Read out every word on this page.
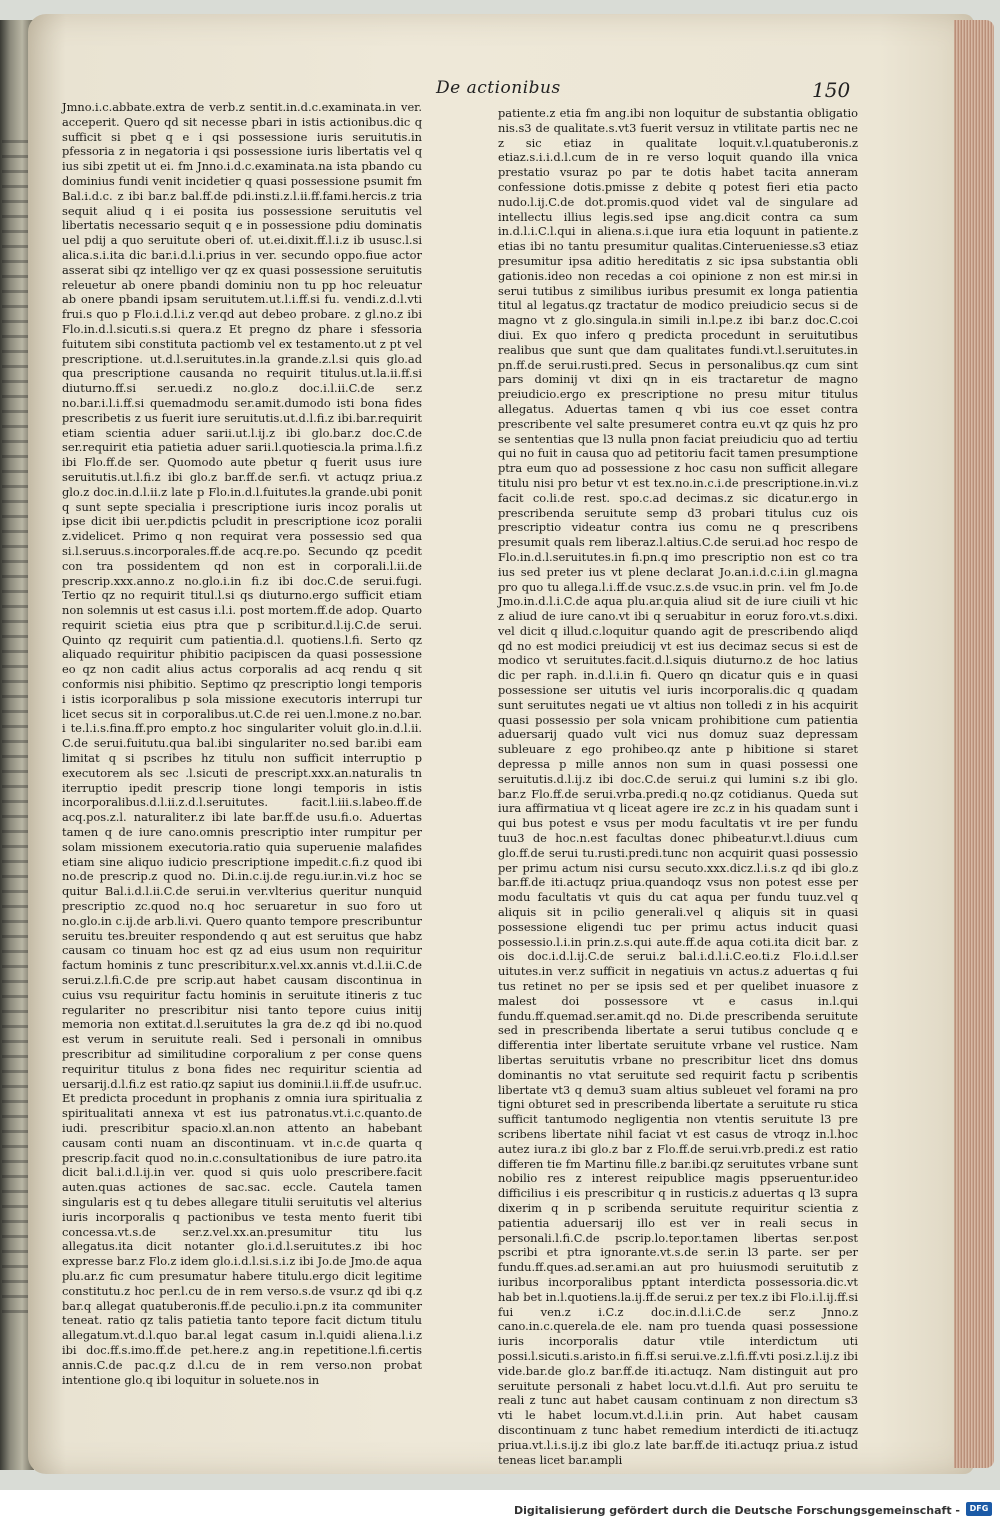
De actionibus	150

Jmno.i.c.abbate.extra de verb.z sentit.in.d.c.examinata.in ver. acceperit. Quero qd sit necesse pbari in istis actionibus.dic q sufficit si pbet q e i qsi possessione iuris seruitutis.in pfessoria z in negatoria i qsi possessione iuris libertatis vel q ius sibi zpetit ut ei. fm Jnno.i.d.c.examinata.na ista pbando cu dominius fundi venit incidetier q quasi possessione psumit fm Bal.i.d.c. z ibi bar.z bal.ff.de pdi.insti.z.l.ii.ff.fami.hercis.z tria sequit aliud q i ei posita ius possessione seruitutis vel libertatis necessario sequit q e in possessione pdiu dominatis uel pdij a quo seruitute oberi of. ut.ei.dixit.ff.l.i.z ib ususc.l.si alica.s.i.ita dic bar.i.d.l.i.prius in ver. secundo oppo.fiue actor asserat sibi qz intelligo ver qz ex quasi possessione seruitutis releuetur ab onere pbandi dominiu non tu pp hoc releuatur ab onere pbandi ipsam seruitutem.ut.l.i.ff.si fu. vendi.z.d.l.vti frui.s quo p Flo.i.d.l.i.z ver.qd aut debeo probare. z gl.no.z ibi Flo.in.d.l.sicuti.s.si quera.z Et pregno dz phare i sfessoria fuitutem sibi constituta pactiomb vel ex testamento.ut z pt vel prescriptione. ut.d.l.seruitutes.in.la grande.z.l.si quis glo.ad qua prescriptione causanda no requirit titulus.ut.la.ii.ff.si diuturno.ff.si ser.uedi.z no.glo.z doc.i.l.ii.C.de ser.z no.bar.i.l.i.ff.si quemadmodu ser.amit.dumodo isti bona fides prescribetis z us fuerit iure seruitutis.ut.d.l.fi.z ibi.bar.requirit etiam scientia aduer sarii.ut.l.ij.z ibi glo.bar.z doc.C.de ser.requirit etia patietia aduer sarii.l.quotiescia.la prima.l.fi.z ibi Flo.ff.de ser. Quomodo aute pbetur q fuerit usus iure seruitutis.ut.l.fi.z ibi glo.z bar.ff.de ser.fi. vt actuqz priua.z glo.z doc.in.d.l.ii.z late p Flo.in.d.l.fuitutes.la grande.ubi ponit q sunt septe specialia i prescriptione iuris incoz poralis ut ipse dicit ibii uer.pdictis pcludit in prescriptione icoz poralii z.videlicet. Primo q non requirat vera possessio sed qua si.l.seruus.s.incorporales.ff.de acq.re.po. Secundo qz pcedit con tra possidentem qd non est in corporali.l.ii.de prescrip.xxx.anno.z no.glo.i.in fi.z ibi doc.C.de serui.fugi. Tertio qz no requirit titul.l.si qs diuturno.ergo sufficit etiam non solemnis ut est casus i.l.i. post mortem.ff.de adop. Quarto requirit scietia eius ptra que p scribitur.d.l.ij.C.de serui. Quinto qz requirit cum patientia.d.l. quotiens.l.fi. Serto qz aliquado requiritur phibitio pacipiscen da quasi possessione eo qz non cadit alius actus corporalis ad acq rendu q sit conformis nisi phibitio. Septimo qz prescriptio longi temporis i istis icorporalibus p sola missione executoris interrupi tur licet secus sit in corporalibus.ut.C.de rei uen.l.mone.z no.bar. i te.l.i.s.fina.ff.pro empto.z hoc singulariter voluit glo.in.d.l.ii. C.de serui.fuitutu.qua bal.ibi singulariter no.sed bar.ibi eam limitat q si pscribes hz titulu non sufficit interruptio p executorem als sec .l.sicuti de prescript.xxx.an.naturalis tn iterruptio ipedit prescrip tione longi temporis in istis incorporalibus.d.l.ii.z.d.l.seruitutes. facit.l.iii.s.labeo.ff.de acq.pos.z.l. naturaliter.z ibi late bar.ff.de usu.fi.o. Aduertas tamen q de iure cano.omnis prescriptio inter rumpitur per solam missionem executoria.ratio quia superuenie malafides etiam sine aliquo iudicio prescriptione impedit.c.fi.z quod ibi no.de prescrip.z quod no. Di.in.c.ij.de regu.iur.in.vi.z hoc se quitur Bal.i.d.l.ii.C.de serui.in ver.vlterius queritur nunquid prescriptio zc.quod no.q hoc seruaretur in suo foro ut no.glo.in c.ij.de arb.li.vi. Quero quanto tempore prescribuntur seruitu tes.breuiter respondendo q aut est seruitus que habz causam co tinuam hoc est qz ad eius usum non requiritur factum hominis z tunc prescribitur.x.vel.xx.annis vt.d.l.ii.C.de serui.z.l.fi.C.de pre scrip.aut habet causam discontinua in cuius vsu requiritur factu hominis in seruitute itineris z tuc regulariter no prescribitur nisi tanto tepore cuius initij memoria non extitat.d.l.seruitutes la gra de.z qd ibi no.quod est verum in seruitute reali. Sed i personali in omnibus prescribitur ad similitudine corporalium z per conse quens requiritur titulus z bona fides nec requiritur scientia ad uersarij.d.l.fi.z est ratio.qz sapiut ius dominii.l.ii.ff.de usufr.uc. Et predicta procedunt in prophanis z omnia iura spiritualia z spiritualitati annexa vt est ius patronatus.vt.i.c.quanto.de iudi. prescribitur spacio.xl.an.non attento an habebant causam conti nuam an discontinuam. vt in.c.de quarta q prescrip.facit quod no.in.c.consultationibus de iure patro.ita dicit bal.i.d.l.ij.in ver. quod si quis uolo prescribere.facit auten.quas actiones de sac.sac. eccle. Cautela tamen singularis est q tu debes allegare titulii seruitutis vel alterius iuris incorporalis q pactionibus ve testa mento fuerit tibi concessa.vt.s.de ser.z.vel.xx.an.presumitur titu lus allegatus.ita dicit notanter glo.i.d.l.seruitutes.z ibi hoc expresse bar.z Flo.z idem glo.i.d.l.si.s.i.z ibi Jo.de Jmo.de aqua plu.ar.z fic cum presumatur habere titulu.ergo dicit legitime constitutu.z hoc per.l.cu de in rem verso.s.de vsur.z qd ibi q.z bar.q allegat quatuberonis.ff.de peculio.i.pn.z ita communiter teneat. ratio qz talis patietia tanto tepore facit dictum titulu allegatum.vt.d.l.quo bar.al legat casum in.l.quidi aliena.l.i.z ibi doc.ff.s.imo.ff.de pet.here.z ang.in repetitione.l.fi.certis annis.C.de pac.q.z d.l.cu de in rem verso.non probat intentione glo.q ibi loquitur in soluete.nos in

patiente.z etia fm ang.ibi non loquitur de substantia obligatio nis.s3 de qualitate.s.vt3 fuerit versuz in vtilitate partis nec ne z sic etiaz in qualitate loquit.v.l.quatuberonis.z etiaz.s.i.i.d.l.cum de in re verso loquit quando illa vnica prestatio vsuraz po par te dotis habet tacita anneram confessione dotis.pmisse z debite q potest fieri etia pacto nudo.l.ij.C.de dot.promis.quod videt val de singulare ad intellectu illius legis.sed ipse ang.dicit contra ca sum in.d.l.i.C.l.qui in aliena.s.i.que iura etia loquunt in patiente.z etias ibi no tantu presumitur qualitas.Cinterueniesse.s3 etiaz presumitur ipsa aditio hereditatis z sic ipsa substantia obli gationis.ideo non recedas a coi opinione z non est mir.si in serui tutibus z similibus iuribus presumit ex longa patientia titul al legatus.qz tractatur de modico preiudicio secus si de magno vt z glo.singula.in simili in.l.pe.z ibi bar.z doc.C.coi diui. Ex quo infero q predicta procedunt in seruitutibus realibus que sunt que dam qualitates fundi.vt.l.seruitutes.in pn.ff.de serui.rusti.pred. Secus in personalibus.qz cum sint pars dominij vt dixi qn in eis tractaretur de magno preiudicio.ergo ex prescriptione no presu mitur titulus allegatus. Aduertas tamen q vbi ius coe esset contra prescribente vel salte presumeret contra eu.vt qz quis hz pro se sententias que l3 nulla pnon faciat preiudiciu quo ad tertiu qui no fuit in causa quo ad petitoriu facit tamen presumptione ptra eum quo ad possessione z hoc casu non sufficit allegare titulu nisi pro betur vt est tex.no.in.c.i.de prescriptione.in.vi.z facit co.li.de rest. spo.c.ad decimas.z sic dicatur.ergo in prescribenda seruitute semp d3 probari titulus cuz ois prescriptio videatur contra ius comu ne q prescribens presumit quals rem liberaz.l.altius.C.de serui.ad hoc respo de Flo.in.d.l.seruitutes.in fi.pn.q imo prescriptio non est co tra ius sed preter ius vt plene declarat Jo.an.i.d.c.i.in gl.magna pro quo tu allega.l.i.ff.de vsuc.z.s.de vsuc.in prin. vel fm Jo.de Jmo.in.d.l.i.C.de aqua plu.ar.quia aliud sit de iure ciuili vt hic z aliud de iure cano.vt ibi q seruabitur in eoruz foro.vt.s.dixi. vel dicit q illud.c.loquitur quando agit de prescribendo aliqd qd no est modici preiudicij vt est ius decimaz secus si est de modico vt seruitutes.facit.d.l.siquis diuturno.z de hoc latius dic per raph. in.d.l.i.in fi. Quero qn dicatur quis e in quasi possessione ser uitutis vel iuris incorporalis.dic q quadam sunt seruitutes negati ue vt altius non tolledi z in his acquirit quasi possessio per sola vnicam prohibitione cum patientia aduersarij quado vult vici nus domuz suaz depressam subleuare z ego prohibeo.qz ante p hibitione si staret depressa p mille annos non sum in quasi possessi one seruitutis.d.l.ij.z ibi doc.C.de serui.z qui lumini s.z ibi glo. bar.z Flo.ff.de serui.vrba.predi.q no.qz cotidianus. Queda sut iura affirmatiua vt q liceat agere ire zc.z in his quadam sunt i qui bus potest e vsus per modu facultatis vt ire per fundu tuu3 de hoc.n.est facultas donec phibeatur.vt.l.diuus cum glo.ff.de serui tu.rusti.predi.tunc non acquirit quasi possessio per primu actum nisi cursu secuto.xxx.dicz.l.i.s.z qd ibi glo.z bar.ff.de iti.actuqz priua.quandoqz vsus non potest esse per modu facultatis vt quis du cat aqua per fundu tuuz.vel q aliquis sit in pcilio generali.vel q aliquis sit in quasi possessione eligendi tuc per primu actus inducit quasi possessio.l.i.in prin.z.s.qui aute.ff.de aqua coti.ita dicit bar. z ois doc.i.d.l.ij.C.de serui.z bal.i.d.l.i.C.eo.ti.z Flo.i.d.l.ser uitutes.in ver.z sufficit in negatiuis vn actus.z aduertas q fui tus retinet no per se ipsis sed et per quelibet inuasore z malest doi possessore vt e casus in.l.qui fundu.ff.quemad.ser.amit.qd no. Di.de prescribenda seruitute sed in prescribenda libertate a serui tutibus conclude q e differentia inter libertate seruitute vrbane vel rustice. Nam libertas seruitutis vrbane no prescribitur licet dns domus dominantis no vtat seruitute sed requirit factu p scribentis libertate vt3 q demu3 suam altius subleuet vel forami na pro tigni obturet sed in prescribenda libertate a seruitute ru stica sufficit tantumodo negligentia non vtentis seruitute l3 pre scribens libertate nihil faciat vt est casus de vtroqz in.l.hoc autez iura.z ibi glo.z bar z Flo.ff.de serui.vrb.predi.z est ratio differen tie fm Martinu fille.z bar.ibi.qz seruitutes vrbane sunt nobilio res z interest reipublice magis ppseruentur.ideo difficilius i eis prescribitur q in rusticis.z aduertas q l3 supra dixerim q in p scribenda seruitute requiritur scientia z patientia aduersarij illo est ver in reali secus in personali.l.fi.C.de pscrip.lo.tepor.tamen libertas ser.post pscribi et ptra ignorante.vt.s.de ser.in l3 parte. ser per fundu.ff.ques.ad.ser.ami.an aut pro huiusmodi seruitutib z iuribus incorporalibus pptant interdicta possessoria.dic.vt hab bet in.l.quotiens.la.ij.ff.de serui.z per tex.z ibi Flo.i.l.ij.ff.si fui ven.z i.C.z doc.in.d.l.i.C.de ser.z Jnno.z cano.in.c.querela.de ele. nam pro tuenda quasi possessione iuris incorporalis datur vtile interdictum uti possi.l.sicuti.s.aristo.in fi.ff.si serui.ve.z.l.fi.ff.vti posi.z.l.ij.z ibi vide.bar.de glo.z bar.ff.de iti.actuqz. Nam distinguit aut pro seruitute personali z habet locu.vt.d.l.fi. Aut pro seruitu te reali z tunc aut habet causam continuam z non directum s3 vti le habet locum.vt.d.l.i.in prin. Aut habet causam discontinuam z tunc habet remedium interdicti de iti.actuqz priua.vt.l.i.s.ij.z ibi glo.z late bar.ff.de iti.actuqz priua.z istud teneas licet bar.ampli

Digitalisierung gefördert durch die Deutsche Forschungsgemeinschaft -	DFG
